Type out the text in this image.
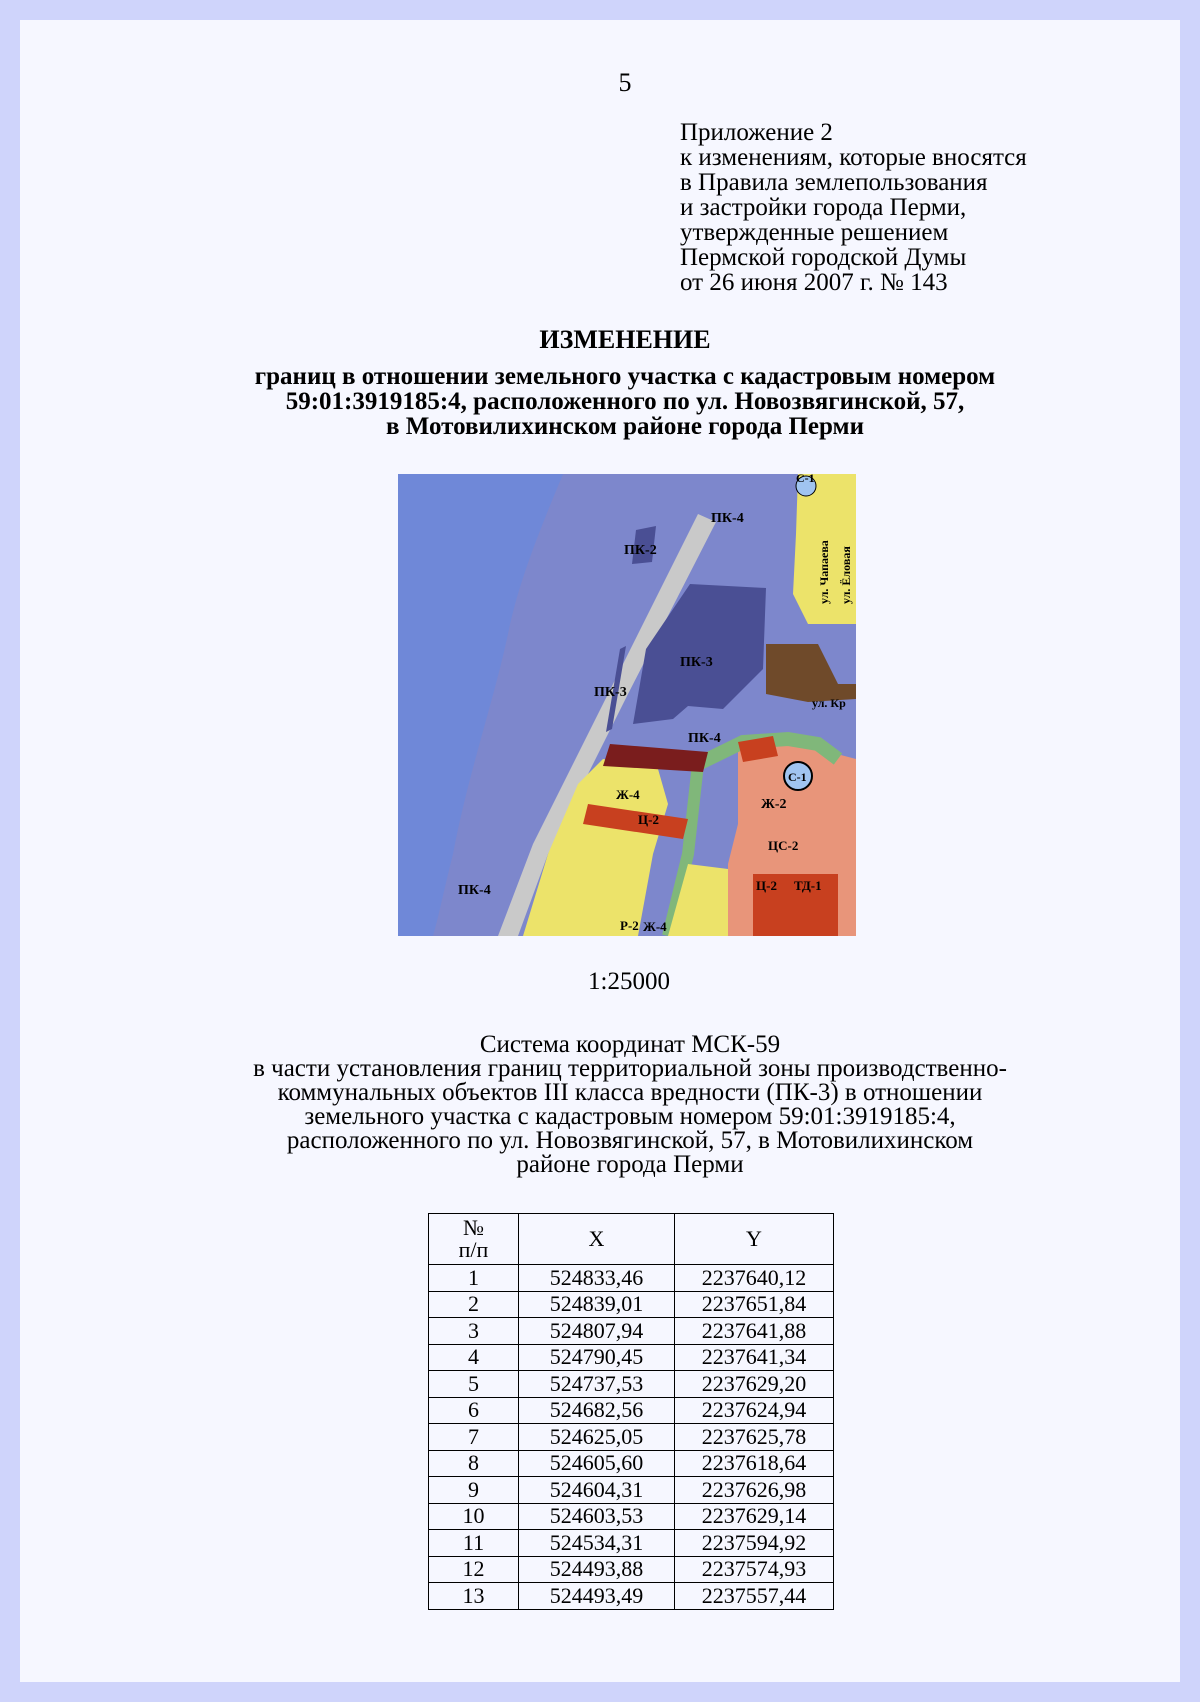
5
Приложение 2
к изменениям, которые вносятся
в Правила землепользования
и застройки города Перми,
утвержденные решением
Пермской городской Думы
от 26 июня 2007 г. № 143
ИЗМЕНЕНИЕ
границ в отношении земельного участка с кадастровым номером
59:01:3919185:4, расположенного по ул. Новозвягинской, 57,
в Мотовилихинском районе города Перми
ПК-4
ПК-2
ПК-3
ПК-3
ПК-4
ПК-4
С-1
С-1
Ж-2
Ж-4
Ж-4
Ц-2
Ц-2
ЦС-2
ТД-1
Р-2
ул. Чапаева ул. Ёловая
ул. Кр
1:25000
Система координат МСК-59
в части установления границ территориальной зоны производственно-
коммунальных объектов III класса вредности (ПК-3) в отношении
земельного участка с кадастровым номером 59:01:3919185:4,
расположенного по ул. Новозвягинской, 57, в Мотовилихинском
районе города Перми
№
п/п	X	Y
1	524833,46	2237640,12
2	524839,01	2237651,84
3	524807,94	2237641,88
4	524790,45	2237641,34
5	524737,53	2237629,20
6	524682,56	2237624,94
7	524625,05	2237625,78
8	524605,60	2237618,64
9	524604,31	2237626,98
10	524603,53	2237629,14
11	524534,31	2237594,92
12	524493,88	2237574,93
13	524493,49	2237557,44
